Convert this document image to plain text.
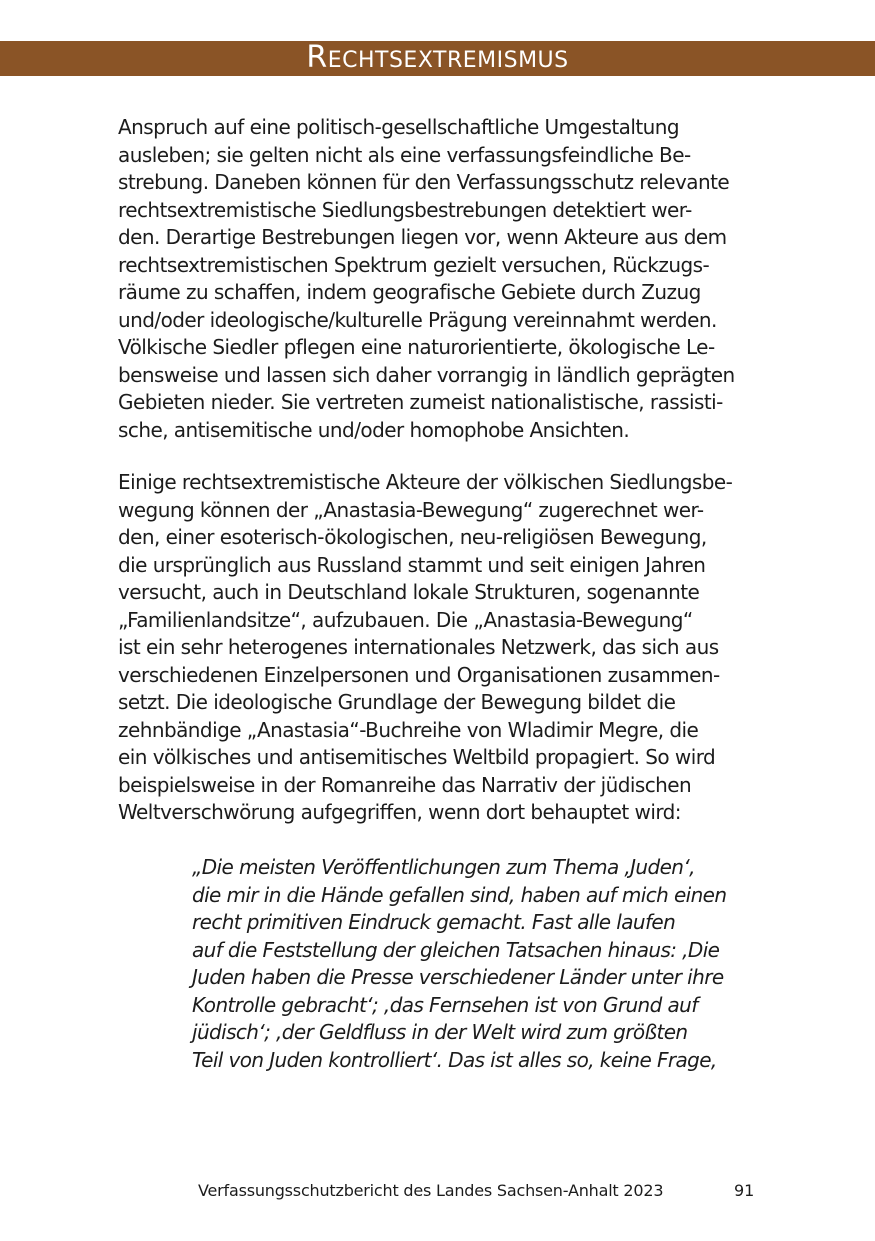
RECHTSEXTREMISMUS

Anspruch auf eine politisch-gesellschaftliche Umgestaltung
ausleben; sie gelten nicht als eine verfassungsfeindliche Be-
strebung. Daneben können für den Verfassungsschutz relevante
rechtsextremistische Siedlungsbestrebungen detektiert wer-
den. Derartige Bestrebungen liegen vor, wenn Akteure aus dem
rechtsextremistischen Spektrum gezielt versuchen, Rückzugs-
räume zu schaffen, indem geografische Gebiete durch Zuzug
und/oder ideologische/kulturelle Prägung vereinnahmt werden.
Völkische Siedler pflegen eine naturorientierte, ökologische Le-
bensweise und lassen sich daher vorrangig in ländlich geprägten
Gebieten nieder. Sie vertreten zumeist nationalistische, rassisti-
sche, antisemitische und/oder homophobe Ansichten.

Einige rechtsextremistische Akteure der völkischen Siedlungsbe-
wegung können der „Anastasia-Bewegung“ zugerechnet wer-
den, einer esoterisch-ökologischen, neu-religiösen Bewegung,
die ursprünglich aus Russland stammt und seit einigen Jahren
versucht, auch in Deutschland lokale Strukturen, sogenannte
„Familienlandsitze“, aufzubauen. Die „Anastasia-Bewegung“
ist ein sehr heterogenes internationales Netzwerk, das sich aus
verschiedenen Einzelpersonen und Organisationen zusammen-
setzt. Die ideologische Grundlage der Bewegung bildet die
zehnbändige „Anastasia“-Buchreihe von Wladimir Megre, die
ein völkisches und antisemitisches Weltbild propagiert. So wird
beispielsweise in der Romanreihe das Narrativ der jüdischen
Weltverschwörung aufgegriffen, wenn dort behauptet wird:

„Die meisten Veröffentlichungen zum Thema ‚Juden‘,
die mir in die Hände gefallen sind, haben auf mich einen
recht primitiven Eindruck gemacht. Fast alle laufen
auf die Feststellung der gleichen Tatsachen hinaus: ‚Die
Juden haben die Presse verschiedener Länder unter ihre
Kontrolle gebracht‘; ‚das Fernsehen ist von Grund auf
jüdisch‘; ‚der Geldfluss in der Welt wird zum größten
Teil von Juden kontrolliert‘. Das ist alles so, keine Frage,
Verfassungsschutzbericht des Landes Sachsen-Anhalt 2023	91
